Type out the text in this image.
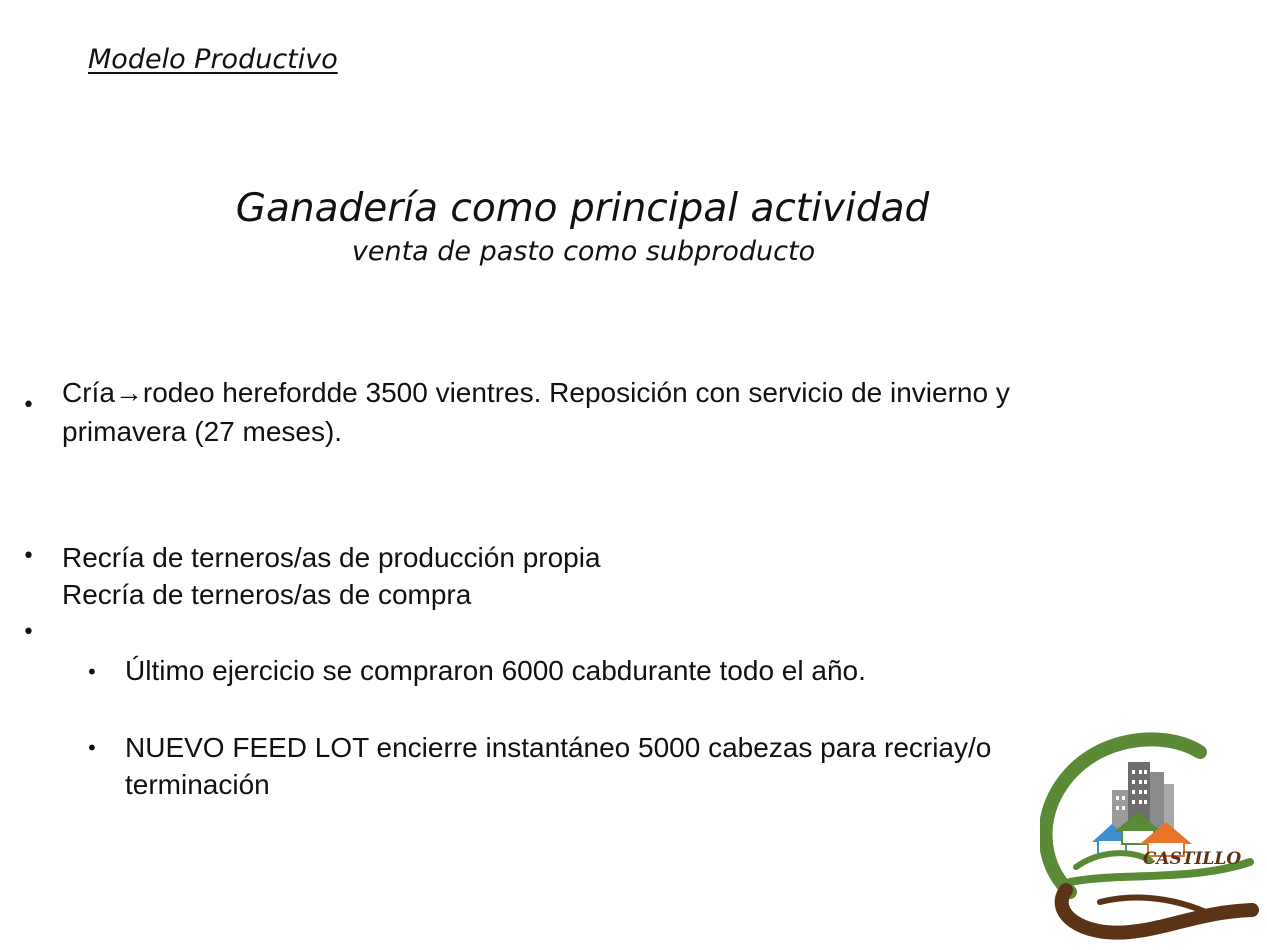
Modelo Productivo
Ganadería como principal actividad
venta de pasto como subproducto
• Cría→rodeo herefordde 3500 vientres. Reposición con servicio de invierno y
primavera (27 meses).
• Recría de terneros/as de producción propia
Recría de terneros/as de compra
•
• Último ejercicio se compraron 6000 cabdurante todo el año.
• NUEVO FEED LOT encierre instantáneo 5000 cabezas para recriay/o
terminación
CASTILLO
